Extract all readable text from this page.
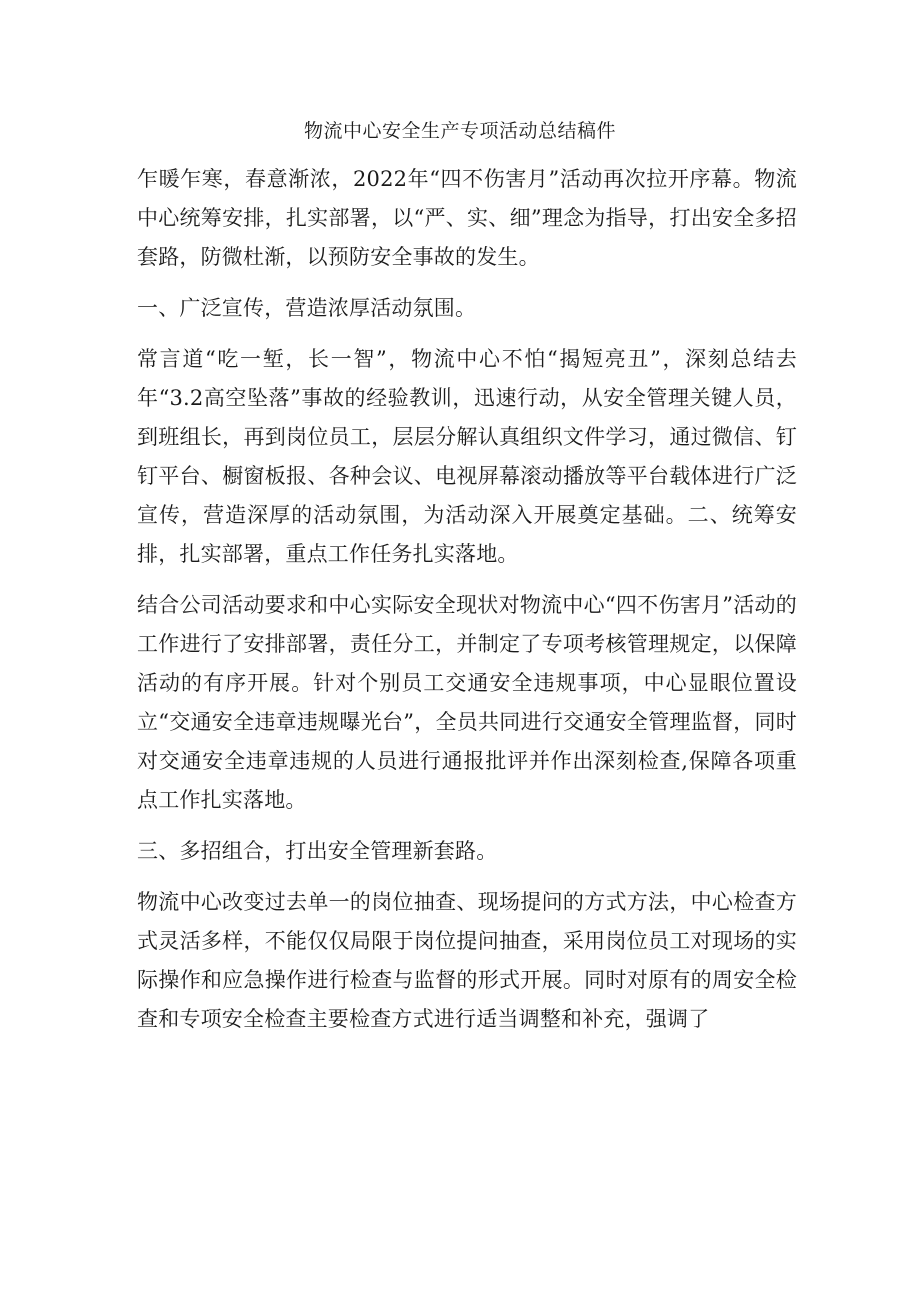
物流中心安全生产专项活动总结稿件

乍暖乍寒，春意渐浓，2022年“四不伤害月”活动再次拉开序幕。物流中心统筹安排，扎实部署，以“严、实、细”理念为指导，打出安全多招套路，防微杜渐，以预防安全事故的发生。

一、广泛宣传，营造浓厚活动氛围。

常言道“吃一堑，长一智”，物流中心不怕“揭短亮丑”，深刻总结去年“3.2高空坠落”事故的经验教训，迅速行动，从安全管理关键人员，到班组长，再到岗位员工，层层分解认真组织文件学习，通过微信、钉钉平台、橱窗板报、各种会议、电视屏幕滚动播放等平台载体进行广泛宣传，营造深厚的活动氛围，为活动深入开展奠定基础。二、统筹安排，扎实部署，重点工作任务扎实落地。

结合公司活动要求和中心实际安全现状对物流中心“四不伤害月”活动的工作进行了安排部署，责任分工，并制定了专项考核管理规定，以保障活动的有序开展。针对个别员工交通安全违规事项，中心显眼位置设立“交通安全违章违规曝光台”，全员共同进行交通安全管理监督，同时对交通安全违章违规的人员进行通报批评并作出深刻检查,保障各项重点工作扎实落地。

三、多招组合，打出安全管理新套路。

物流中心改变过去单一的岗位抽查、现场提问的方式方法，中心检查方式灵活多样，不能仅仅局限于岗位提问抽查，采用岗位员工对现场的实际操作和应急操作进行检查与监督的形式开展。同时对原有的周安全检查和专项安全检查主要检查方式进行适当调整和补充，强调了
